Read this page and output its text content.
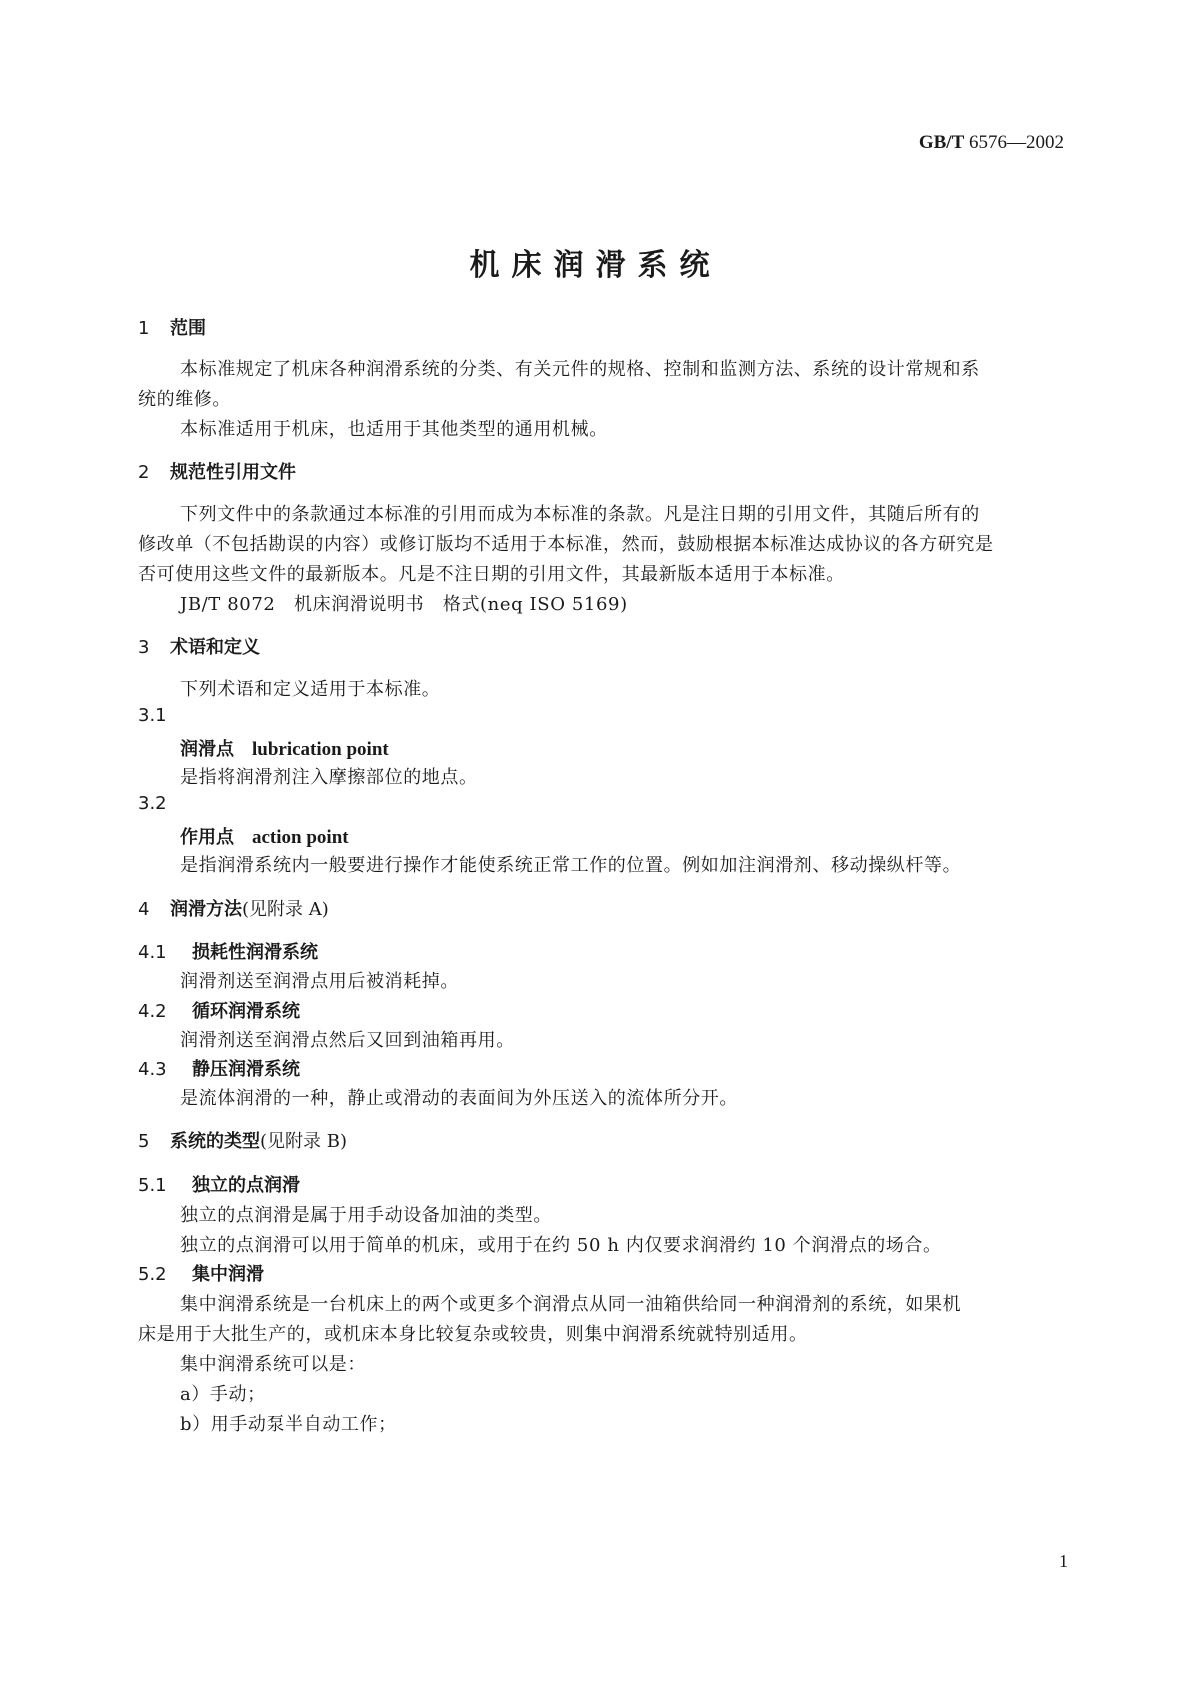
GB/T 6576—2002
机床润滑系统
1 范围
本标准规定了机床各种润滑系统的分类、有关元件的规格、控制和监测方法、系统的设计常规和系
统的维修。
本标准适用于机床，也适用于其他类型的通用机械。
2 规范性引用文件
下列文件中的条款通过本标准的引用而成为本标准的条款。凡是注日期的引用文件，其随后所有的
修改单（不包括勘误的内容）或修订版均不适用于本标准，然而，鼓励根据本标准达成协议的各方研究是
否可使用这些文件的最新版本。凡是不注日期的引用文件，其最新版本适用于本标准。
JB/T 8072　机床润滑说明书　格式(neq ISO 5169)
3 术语和定义
下列术语和定义适用于本标准。
3.1
润滑点 lubrication point
是指将润滑剂注入摩擦部位的地点。
3.2
作用点 action point
是指润滑系统内一般要进行操作才能使系统正常工作的位置。例如加注润滑剂、移动操纵杆等。
4 润滑方法(见附录 A)
4.1 损耗性润滑系统
润滑剂送至润滑点用后被消耗掉。
4.2 循环润滑系统
润滑剂送至润滑点然后又回到油箱再用。
4.3 静压润滑系统
是流体润滑的一种，静止或滑动的表面间为外压送入的流体所分开。
5 系统的类型(见附录 B)
5.1 独立的点润滑
独立的点润滑是属于用手动设备加油的类型。
独立的点润滑可以用于简单的机床，或用于在约 50 h 内仅要求润滑约 10 个润滑点的场合。
5.2 集中润滑
集中润滑系统是一台机床上的两个或更多个润滑点从同一油箱供给同一种润滑剂的系统，如果机
床是用于大批生产的，或机床本身比较复杂或较贵，则集中润滑系统就特别适用。
集中润滑系统可以是：
a）手动；
b）用手动泵半自动工作；
1
